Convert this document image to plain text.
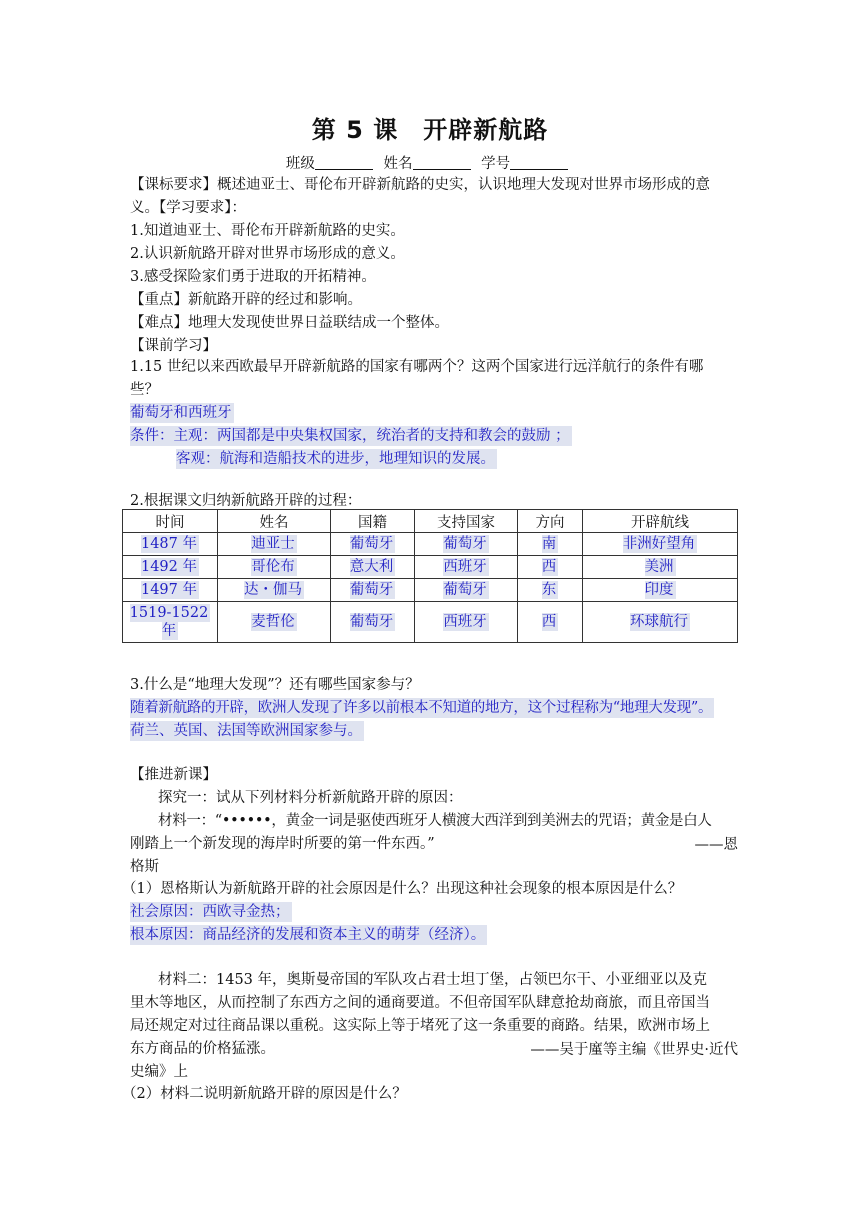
第 5 课　开辟新航路
班级	姓名	学号
【课标要求】概述迪亚士、哥伦布开辟新航路的史实，认识地理大发现对世界市场形成的意
义。【学习要求】：
1.知道迪亚士、哥伦布开辟新航路的史实。
2.认识新航路开辟对世界市场形成的意义。
3.感受探险家们勇于进取的开拓精神。
【重点】新航路开辟的经过和影响。
【难点】地理大发现使世界日益联结成一个整体。
【课前学习】
1.15 世纪以来西欧最早开辟新航路的国家有哪两个？这两个国家进行远洋航行的条件有哪
些？
葡萄牙和西班牙
条件：主观：两国都是中央集权国家，统治者的支持和教会的鼓励 ；
客观：航海和造船技术的进步，地理知识的发展。
2.根据课文归纳新航路开辟的过程：
时间	姓名	国籍	支持国家	方向	开辟航线
1487 年	迪亚士	葡萄牙	葡萄牙	南	非洲好望角
1492 年	哥伦布	意大利	西班牙	西	美洲
1497 年	达・伽马	葡萄牙	葡萄牙	东	印度
1519-1522
年	麦哲伦	葡萄牙	西班牙	西	环球航行
3.什么是“地理大发现”？还有哪些国家参与？
随着新航路的开辟，欧洲人发现了许多以前根本不知道的地方，这个过程称为“地理大发现”。
荷兰、英国、法国等欧洲国家参与。
【推进新课】
探究一：试从下列材料分析新航路开辟的原因：
材料一：“••••••，黄金一词是驱使西班牙人横渡大西洋到到美洲去的咒语；黄金是白人
刚踏上一个新发现的海岸时所要的第一件东西。”	——恩
格斯
（1）恩格斯认为新航路开辟的社会原因是什么？出现这种社会现象的根本原因是什么？
社会原因：西欧寻金热；
根本原因：商品经济的发展和资本主义的萌芽（经济）。
材料二：1453 年，奥斯曼帝国的军队攻占君士坦丁堡，占领巴尔干、小亚细亚以及克
里木等地区，从而控制了东西方之间的通商要道。不但帝国军队肆意抢劫商旅，而且帝国当
局还规定对过往商品课以重税。这实际上等于堵死了这一条重要的商路。结果，欧洲市场上
东方商品的价格猛涨。	——吴于廑等主编《世界史·近代
史编》上
（2）材料二说明新航路开辟的原因是什么？
